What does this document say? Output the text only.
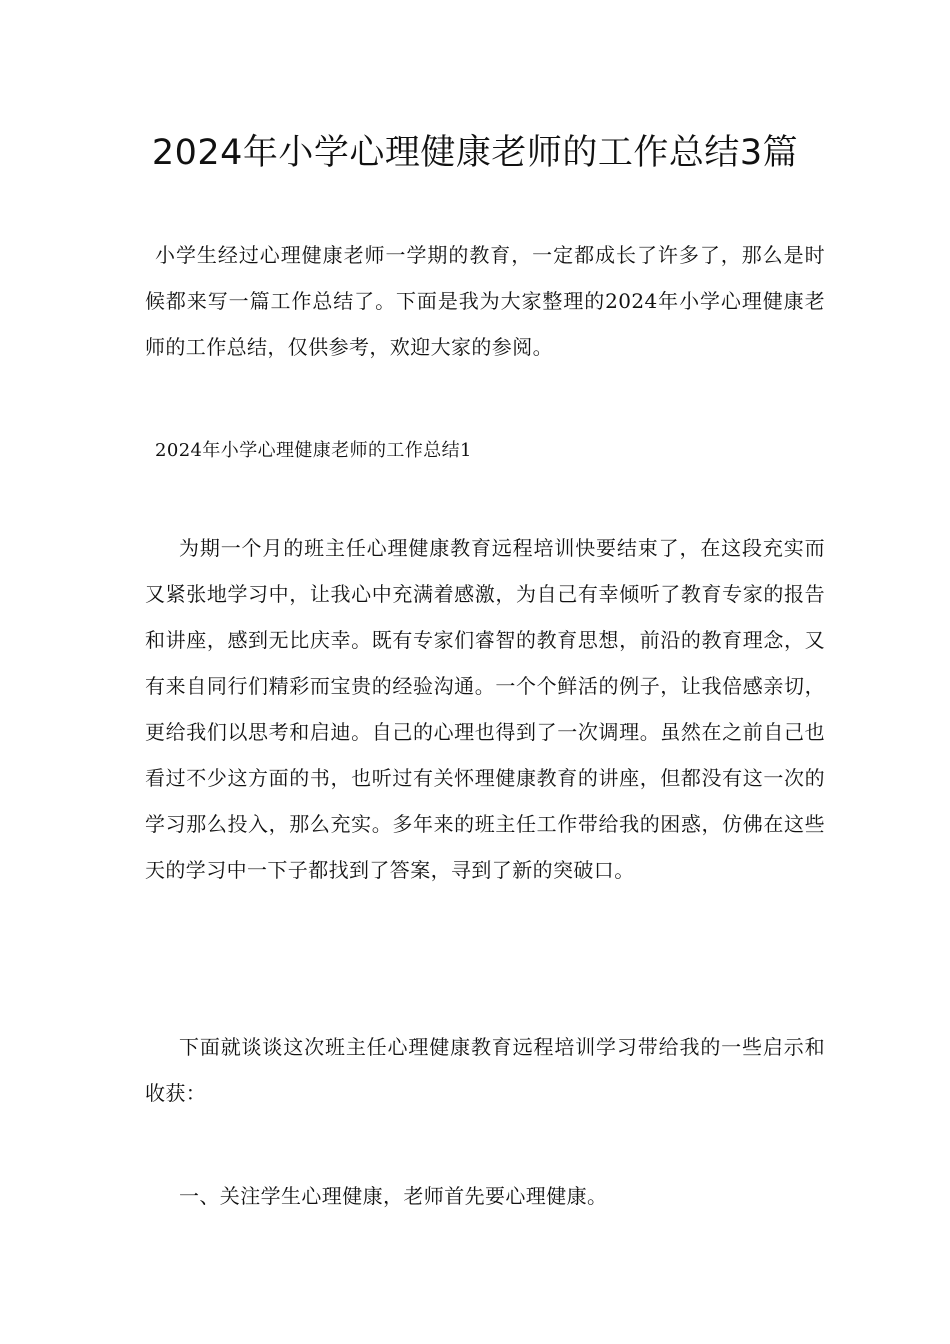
2024年小学心理健康老师的工作总结3篇

小学生经过心理健康老师一学期的教育，一定都成长了许多了，那么是时候都来写一篇工作总结了。下面是我为大家整理的2024年小学心理健康老师的工作总结，仅供参考，欢迎大家的参阅。

2024年小学心理健康老师的工作总结1

为期一个月的班主任心理健康教育远程培训快要结束了，在这段充实而又紧张地学习中，让我心中充满着感激，为自己有幸倾听了教育专家的报告和讲座，感到无比庆幸。既有专家们睿智的教育思想，前沿的教育理念，又有来自同行们精彩而宝贵的经验沟通。一个个鲜活的例子，让我倍感亲切，更给我们以思考和启迪。自己的心理也得到了一次调理。虽然在之前自己也看过不少这方面的书，也听过有关怀理健康教育的讲座，但都没有这一次的学习那么投入，那么充实。多年来的班主任工作带给我的困惑，仿佛在这些天的学习中一下子都找到了答案，寻到了新的突破口。

下面就谈谈这次班主任心理健康教育远程培训学习带给我的一些启示和收获：

一、关注学生心理健康，老师首先要心理健康。
